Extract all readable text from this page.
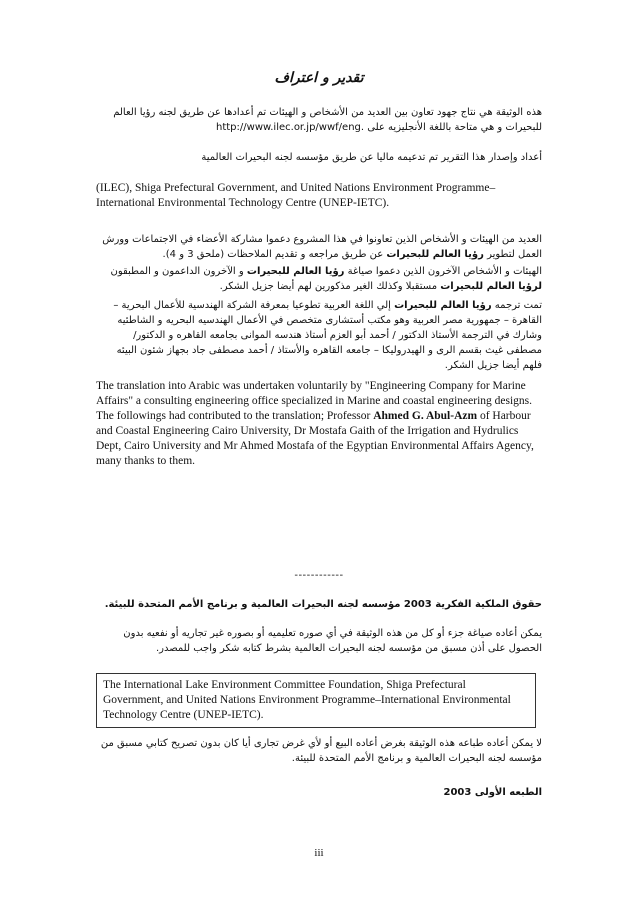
تقدير و اعتراف
هذه الوثيقة هي نتاج جهود تعاون بين العديد من الأشخاص و الهيئات تم أعدادها عن طريق لجنه رؤيا العالم للبحيرات و هي متاحة باللغة الأنجليزيه على http://www.ilec.or.jp/wwf/eng.
أعداد وإصدار هذا التقرير تم تدعيمه ماليا عن طريق مؤسسه لجنه البحيرات العالمية
(ILEC), Shiga Prefectural Government, and United Nations Environment Programme–International Environmental Technology Centre (UNEP-IETC).
العديد من الهيئات و الأشخاص الذين تعاونوا في هذا المشروع دعموا مشاركة الأعضاء في الاجتماعات وورش العمل لتطوير رؤيا العالم للبحيرات عن طريق مراجعه و تقديم الملاحظات (ملحق 3 و 4).
الهيئات و الأشخاص الآخرون الذين دعموا صياغة رؤيا العالم للبحيرات و الآخرون الداعمون و المطبقون لرؤيا العالم للبحيرات مستقبلا وكذلك الغير مذكورين لهم أيضا جزيل الشكر.
تمت ترجمه رؤيا العالم للبحيرات إلي اللغة العربية تطوعيا بمعرفة الشركة الهندسية للأعمال البحرية – القاهرة – جمهورية مصر العربية وهو مكتب أستشارى متخصص في الأعمال الهندسيه البحريه و الشاطئيه وشارك في الترجمة الأستاذ الدكتور / أحمد أبو العزم أستاذ هندسه الموانى بجامعه القاهره و الدكتور/ مصطفى غيث بقسم الرى و الهيدروليكا – جامعه القاهره والأستاذ / أحمد مصطفى جاد بجهاز شئون البيئه فلهم أيضا جزيل الشكر.
The translation into Arabic was undertaken voluntarily by "Engineering Company for Marine Affairs" a consulting engineering office specialized in Marine and coastal engineering designs. The followings had contributed to the translation; Professor Ahmed G. Abul-Azm of Harbour and Coastal Engineering Cairo University, Dr Mostafa Gaith of the Irrigation and Hydrulics Dept, Cairo University and Mr Ahmed Mostafa of the Egyptian Environmental Affairs Agency, many thanks to them.
------------
حقوق الملكية الفكرية 2003 مؤسسه لجنه البحيرات العالمية و برنامج الأمم المتحدة للبيئة.
يمكن أعاده صياغة جزء أو كل من هذه الوثيقة في أي صوره تعليميه أو بصوره غير تجاريه أو نفعيه بدون الحصول على أذن مسبق من مؤسسه لجنه البحيرات العالمية بشرط كتابه شكر واجب للمصدر.
The International Lake Environment Committee Foundation, Shiga Prefectural Government, and United Nations Environment Programme–International Environmental Technology Centre (UNEP-IETC).
لا يمكن أعاده طباعه هذه الوثيقة بغرض أعاده البيع أو لأي غرض تجارى أيا كان بدون تصريح كتابي مسبق من مؤسسه لجنه البحيرات العالمية و برنامج الأمم المتحدة للبيئة.
الطبعه الأولى 2003
iii
